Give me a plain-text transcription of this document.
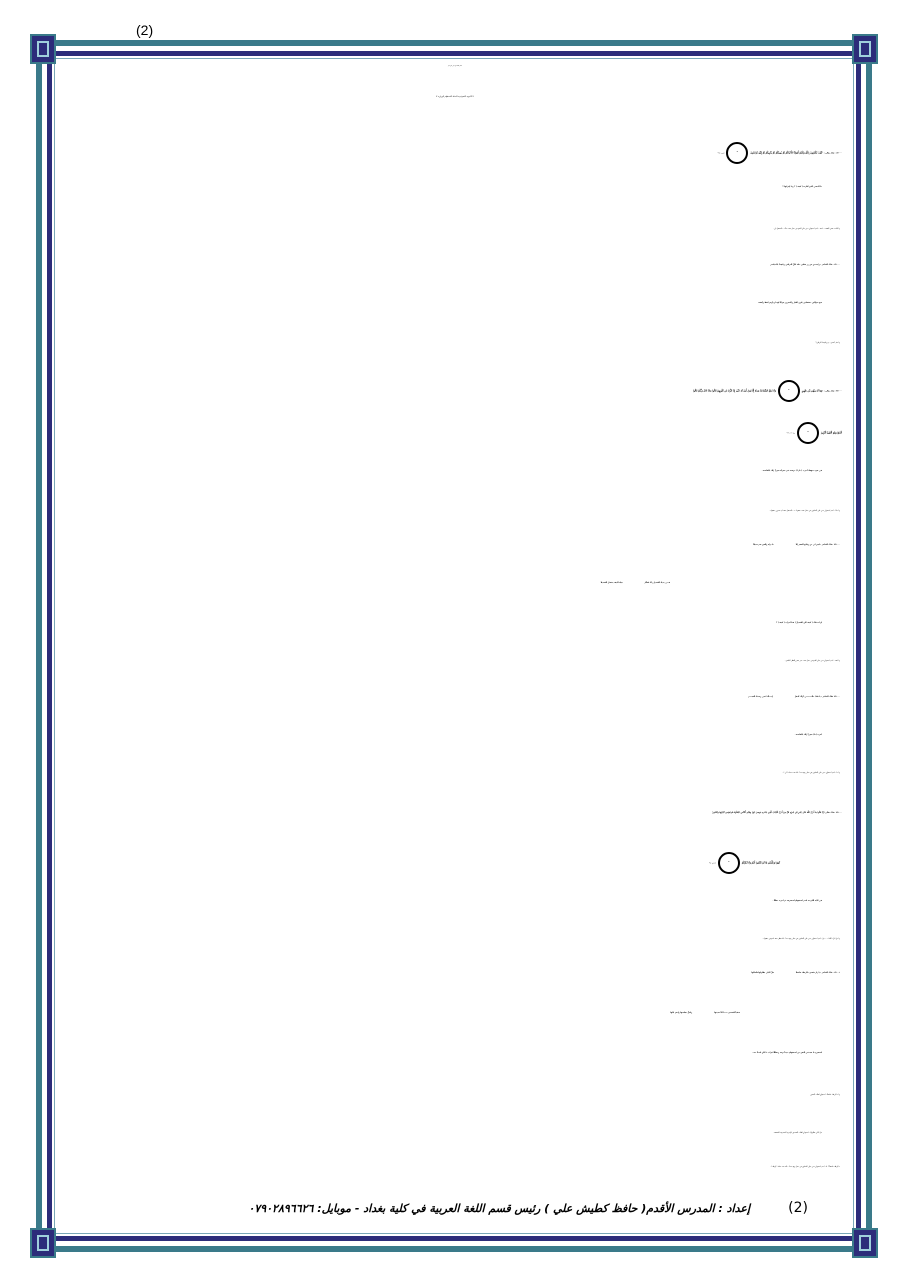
(2)
بسم الله الرحمن الرحيم
(( الأجوبة الانموذجية لأسئلة الاستفهام الوزارية ))
١/٢٠٠٠ : قال تعالى : "كَيْفَ تَكْفُرُونَ بِاللَّهِ وَكُنتُمْ أَمْوَاتًا فَأَحْيَاكُمْ ثُمَّ يُمِيتُكُمْ ثُمَّ يُحْيِيكُمْ ثُمَّ إِلَيْهِ تُرْجَعُونَ٢٨البقرة: ٢٨"
ما المعنى الذي أفادته ( كيف ) ؟ وما إعرابها ؟
ج/ أفادت معنى التعجب ، كيف : اسم استفهام مبني على الفتح في محل نصب حال ، تلاه فعل تام .
١/٢٠٠٠ : قال الشاعر : ويُبسمنَ عن درِ تقلدن مثله كأنَّ التراقيَ وشُحِتْ بالمياسمِ
صغ سؤالين منفصلين يكون الجار والمجرور جواباً لهما وبأوجز لفظ وأخفه.
ج/ عمّ يبْسمنَ ، بِمَ وشُحِتْ التراقي؟
٢/٢٠٠٠ : قال تعالى : "وَمَا لَهُ مِنْهُم مِّن ظَهِيرٍ٢٢وَلَا تَنفَعُ الشَّفَاعَةُ عِندَهُ إِلَّا لِمَنْ أَذِنَ لَهُ حَتَّىٰ إِذَا فُزِّعَ عَن قُلُوبِهِمْ قَالُوا مَاذَا قَالَ رَبُّكُمْ قَالُوا
الْحَقَّ وَهُوَ الْعَلِيُّ الْكَبِيرُ٢٣سبأ: ٢٢ - ٢٣"
في ضوء منهجك أعرب ( ماذا ) موحدة غير مجزأة معززاً ذلك بالقاعدة .
ج/ ماذا : اسم استفهام مبني على السكون في محل نصب مفعول به ، تلاه فعل متعد لم يستوف مفعوله .
٢/٢٠٠٠ : قال الشاعر : ليس لي من وقائع العصر إلاما تراه والحق نعم سبيلاً
فـــي يديك القنديل ذاك فَعلّمْجيلنا كيف يشعـل القنديلآ
لو انه قال ( كيف كان القنديلُ ) فما اعراب ( كيف ) ؟
ج/ كيف : اسم استفهام مبني على الفتح في محل نصب خبر مقدم للفعل الناقص .
٢/٢٠٠٠ :قال الشاعر : يا قلبُ مالـــــــــي أراك لاتقرُّإيــــاك اعني وعندك الخبــــر
اعرب (ما) معززاً ذلك بالقاعدة .
ج/ ما : اسم استفهام مبني على السكون في محل رفع مبتدأ ، تلاه شبه جملة ( لي ) .
٢/٢٠٠٠ : قال تعالى:"إِذْ قَالُوا مَا أَنزَلَ اللَّهُ عَلَىٰ بَشَرٍ مِّن شَيْءٍ قُلْ مَنْ أَنزَلَ الْكِتَابَ الَّذِي جَاءَ بِهِ مُوسَىٰ نُورًا وَهُدًى لِّلنَّاسِ تَجْعَلُونَهُ قَرَاطِيسَ تُبْدُونَهَا وَتُخْفُونَ
كَثِيرًا وَعُلِّمْتُم مَّا لَمْ تَعْلَمُوا أَنتُمْ وَلَا آبَاؤُكُمْ٩١الأنعام: ٩١"
في الآية الكريمة اسم استفهام استخرجه ثم اعربه معللاً .
ج/ مَنْ انزل الكتاب ... مَنْ : اسم استفهام مبني على السكون في محل رفع مبتدأ ، تلاه فعل متعد استوفى مفعوله .
١/٢٠٠١ : قال الشاعر : يا دار سُعدى مالربعك خاشعاًحلَّ البلى بطلولها فأحالها
سقياً لسُعـدى مــــا الذَّ حديثهاواجلَّ مجلسها وانعم بالها
استخرج ما تجد في النص من استفهام مبيناً نوعه ومعللاً اعراب ما كان اسماً منه .
ج/ ما لربعك خاشعاً : استفهام لطلب التصور
حل البلى بطلولها : استفهام لطلب التصديق بالهمزة المحذوفة للتخفيف .
ما لربعك خاشعاً ؟ ما : اسم استفهام مبني على السكون في محل رفع مبتدأ ، تلاه شبه جملة ( لربعك ) .
(2)
إعداد : المدرس الأقدم( حافظ كطيش علي ) رئيس قسم اللغة العربية في كلية بغداد - موبايل: ٠٧٩٠٢٨٩٦٦٢٦
